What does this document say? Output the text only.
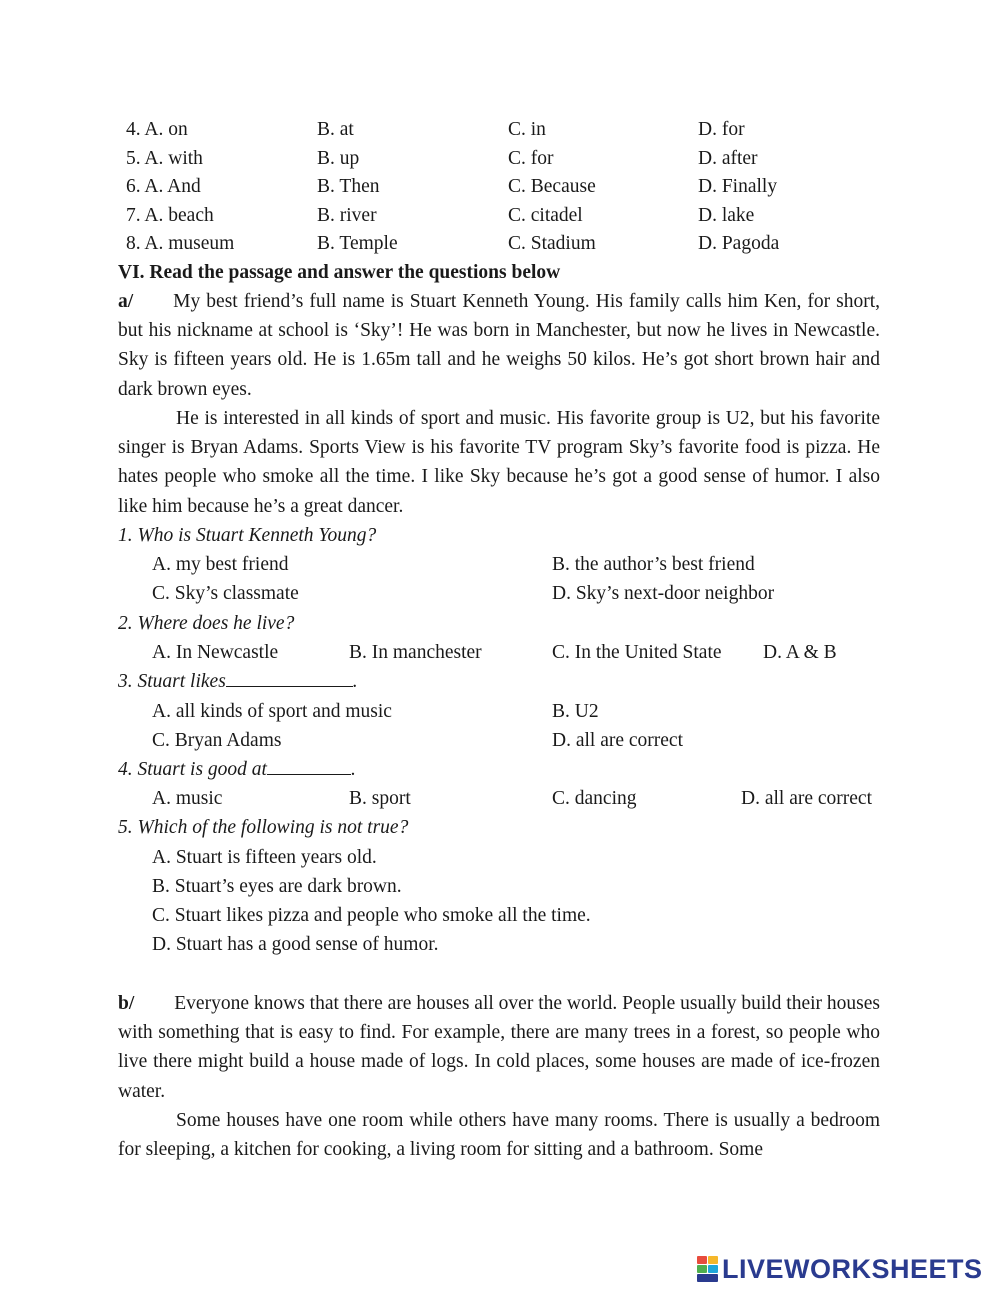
4. A. on	B. at	C. in	D. for
5. A. with	B. up	C. for	D. after
6. A. And	B. Then	C. Because	D. Finally
7. A. beach	B. river	C. citadel	D. lake
8. A. museum	B. Temple	C. Stadium	D. Pagoda
VI. Read the passage and answer the questions below
a/ My best friend’s full name is Stuart Kenneth Young. His family calls him Ken, for short, but his nickname at school is ‘Sky’! He was born in Manchester, but now he lives in Newcastle. Sky is fifteen years old. He is 1.65m tall and he weighs 50 kilos. He’s got short brown hair and dark brown eyes.
He is interested in all kinds of sport and music. His favorite group is U2, but his favorite singer is Bryan Adams. Sports View is his favorite TV program Sky’s favorite food is pizza. He hates people who smoke all the time. I like Sky because he’s got a good sense of humor. I also like him because he’s a great dancer.
1. Who is Stuart Kenneth Young?
A. my best friend	B. the author’s best friend
C. Sky’s classmate	D. Sky’s next-door neighbor
2. Where does he live?
A. In Newcastle	B. In manchester	C. In the United State D. A & B
3. Stuart likes	.
A. all kinds of sport and music	B. U2
C. Bryan Adams	D. all are correct
4. Stuart is good at	.
A. music	B. sport	C. dancing	D. all are correct
5. Which of the following is not true?
A. Stuart is fifteen years old.
B. Stuart’s eyes are dark brown.
C. Stuart likes pizza and people who smoke all the time.
D. Stuart has a good sense of humor.
b/ Everyone knows that there are houses all over the world. People usually build their houses with something that is easy to find. For example, there are many trees in a forest, so people who live there might build a house made of logs. In cold places, some houses are made of ice-frozen water.
Some houses have one room while others have many rooms. There is usually a bedroom for sleeping, a kitchen for cooking, a living room for sitting and a bathroom. Some
LIVEWORKSHEETS
